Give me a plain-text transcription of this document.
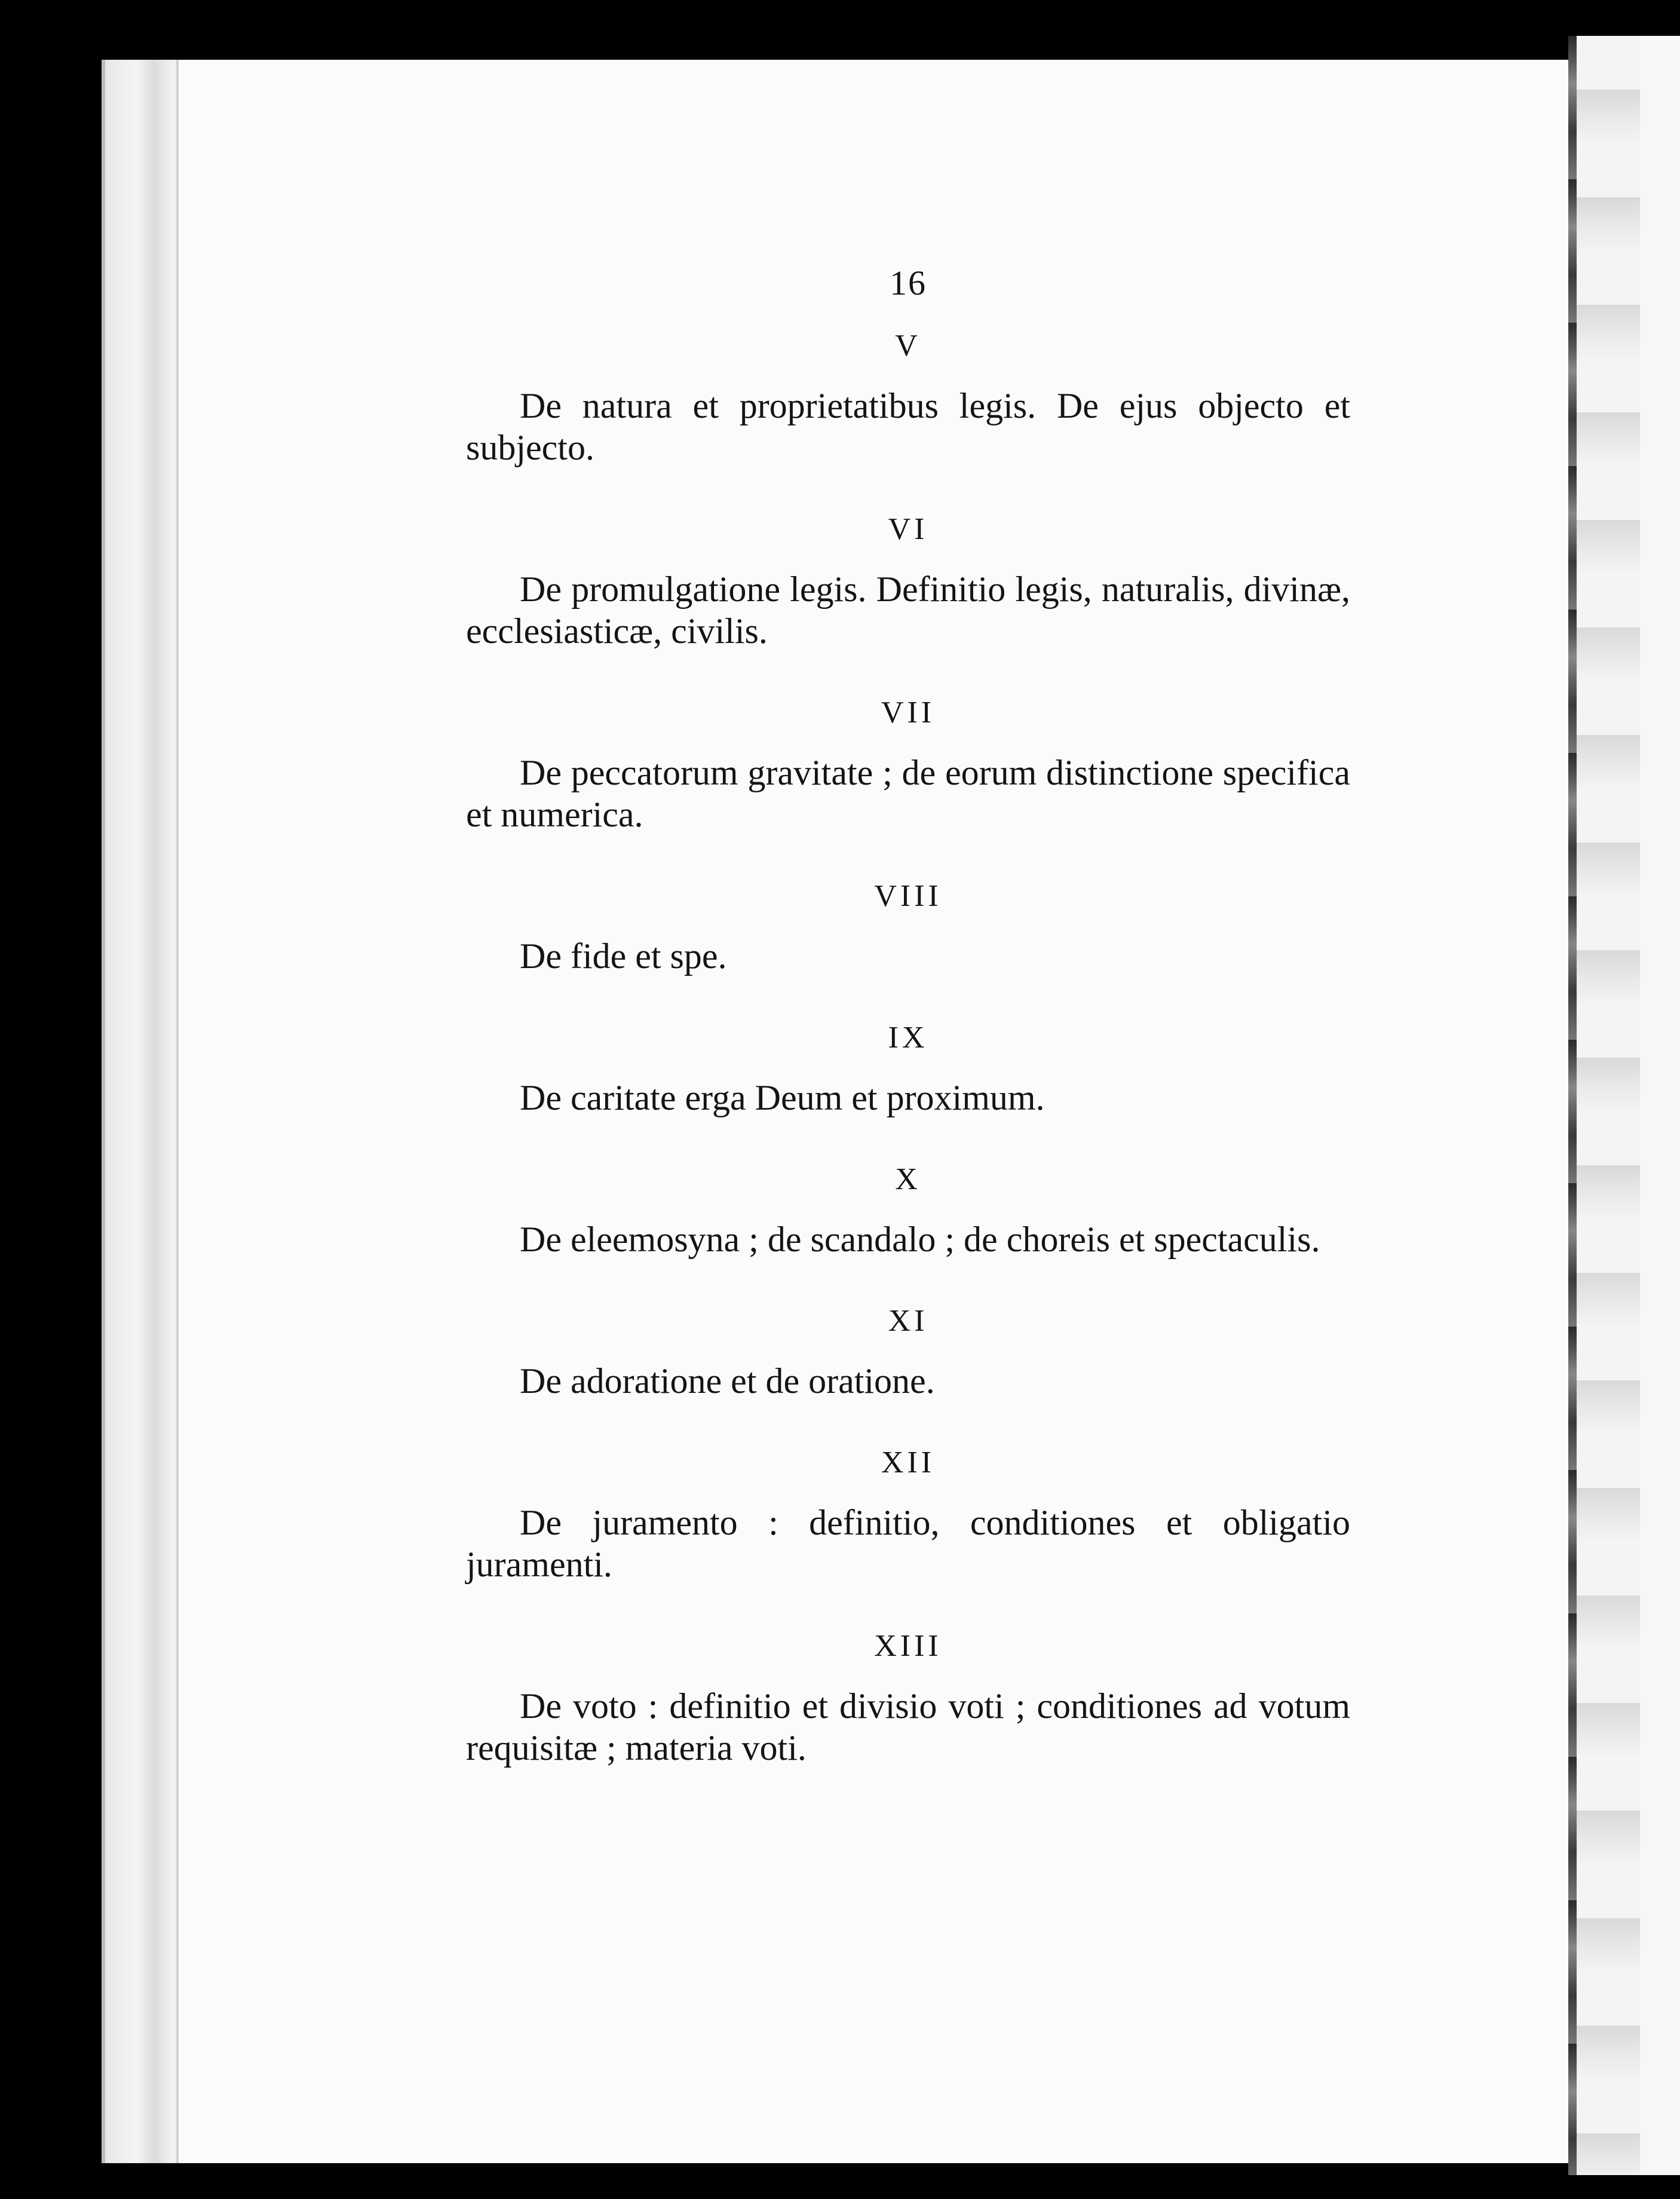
16
V

De natura et proprietatibus legis. De ejus objecto et subjecto.

VI

De promulgatione legis. Definitio legis, naturalis, divinæ, ecclesiasticæ, civilis.

VII

De peccatorum gravitate ; de eorum distinctione specifica et numerica.

VIII

De fide et spe.

IX

De caritate erga Deum et proximum.

X

De eleemosyna ; de scandalo ; de choreis et spectaculis.

XI

De adoratione et de oratione.

XII

De juramento : definitio, conditiones et obligatio juramenti.

XIII

De voto : definitio et divisio voti ; conditiones ad votum requisitæ ; materia voti.
